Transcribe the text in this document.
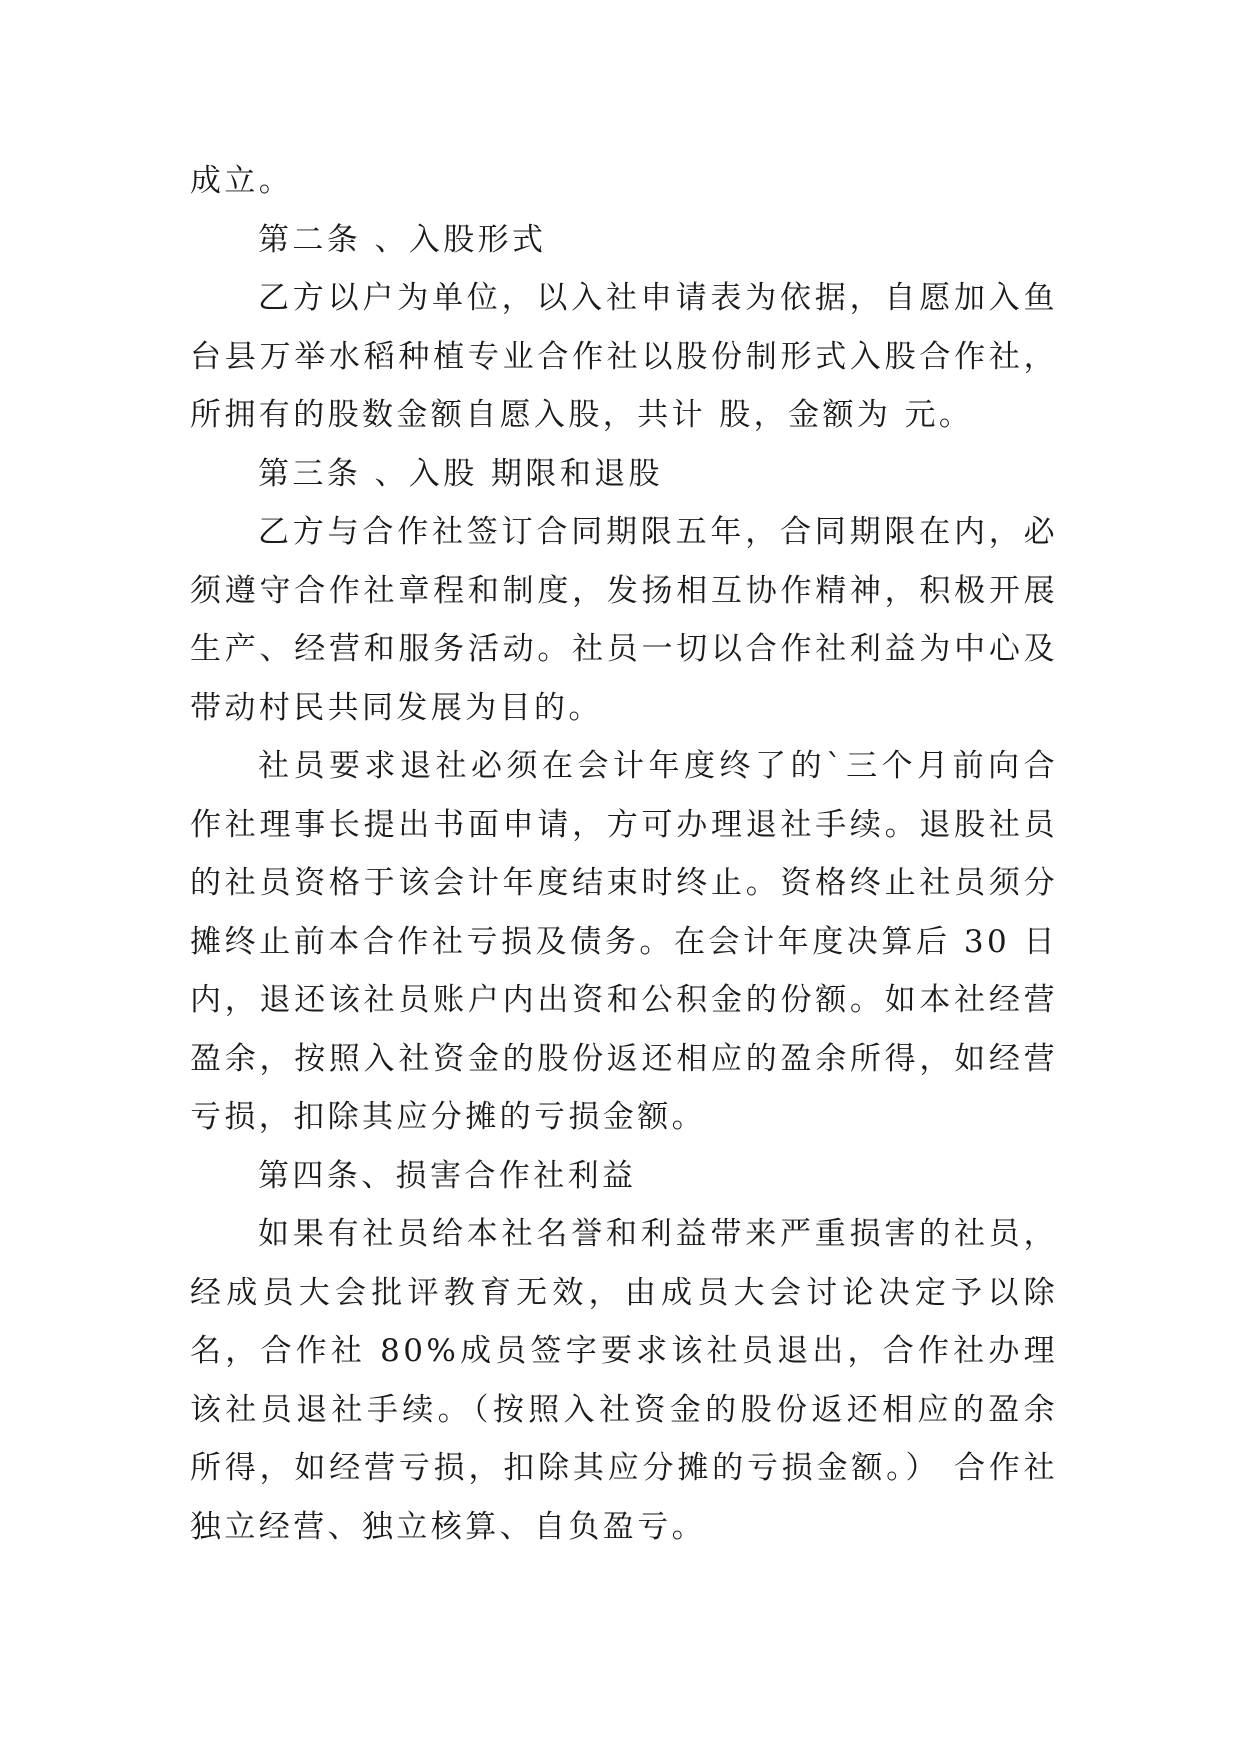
成立。

第二条 、入股形式

乙方以户为单位，以入社申请表为依据，自愿加入鱼台县万举水稻种植专业合作社以股份制形式入股合作社，所拥有的股数金额自愿入股，共计 股，金额为 元。

第三条 、入股 期限和退股

乙方与合作社签订合同期限五年，合同期限在内，必须遵守合作社章程和制度，发扬相互协作精神，积极开展生产、经营和服务活动。社员一切以合作社利益为中心及带动村民共同发展为目的。

社员要求退社必须在会计年度终了的`三个月前向合作社理事长提出书面申请，方可办理退社手续。退股社员的社员资格于该会计年度结束时终止。资格终止社员须分摊终止前本合作社亏损及债务。在会计年度决算后 30 日内，退还该社员账户内出资和公积金的份额。如本社经营盈余，按照入社资金的股份返还相应的盈余所得，如经营亏损，扣除其应分摊的亏损金额。

第四条、损害合作社利益

如果有社员给本社名誉和利益带来严重损害的社员，经成员大会批评教育无效，由成员大会讨论决定予以除名，合作社 80%成员签字要求该社员退出，合作社办理该社员退社手续。（按照入社资金的股份返还相应的盈余所得，如经营亏损，扣除其应分摊的亏损金额。） 合作社独立经营、独立核算、自负盈亏。
